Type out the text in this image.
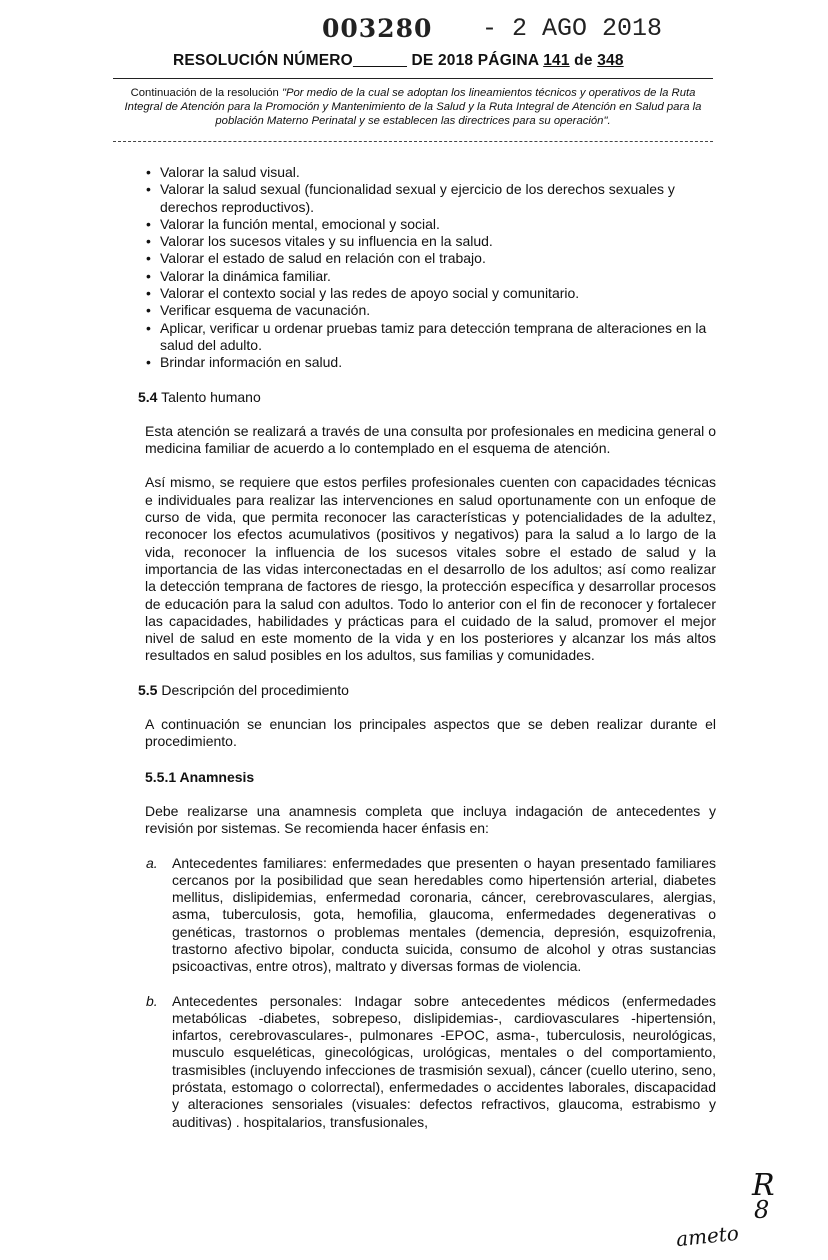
003280 - 2 AGO 2018
RESOLUCIÓN NÚMERO	DE 2018 PÁGINA 141 de 348
Continuación de la resolución "Por medio de la cual se adoptan los lineamientos técnicos y operativos de la Ruta Integral de Atención para la Promoción y Mantenimiento de la Salud y la Ruta Integral de Atención en Salud para la población Materno Perinatal y se establecen las directrices para su operación".
• Valorar la salud visual.
• Valorar la salud sexual (funcionalidad sexual y ejercicio de los derechos sexuales y derechos reproductivos).
• Valorar la función mental, emocional y social.
• Valorar los sucesos vitales y su influencia en la salud.
• Valorar el estado de salud en relación con el trabajo.
• Valorar la dinámica familiar.
• Valorar el contexto social y las redes de apoyo social y comunitario.
• Verificar esquema de vacunación.
• Aplicar, verificar u ordenar pruebas tamiz para detección temprana de alteraciones en la salud del adulto.
• Brindar información en salud.
5.4 Talento humano

Esta atención se realizará a través de una consulta por profesionales en medicina general o medicina familiar de acuerdo a lo contemplado en el esquema de atención.

Así mismo, se requiere que estos perfiles profesionales cuenten con capacidades técnicas e individuales para realizar las intervenciones en salud oportunamente con un enfoque de curso de vida, que permita reconocer las características y potencialidades de la adultez, reconocer los efectos acumulativos (positivos y negativos) para la salud a lo largo de la vida, reconocer la influencia de los sucesos vitales sobre el estado de salud y la importancia de las vidas interconectadas en el desarrollo de los adultos; así como realizar la detección temprana de factores de riesgo, la protección específica y desarrollar procesos de educación para la salud con adultos. Todo lo anterior con el fin de reconocer y fortalecer las capacidades, habilidades y prácticas para el cuidado de la salud, promover el mejor nivel de salud en este momento de la vida y en los posteriores y alcanzar los más altos resultados en salud posibles en los adultos, sus familias y comunidades.

5.5 Descripción del procedimiento

A continuación se enuncian los principales aspectos que se deben realizar durante el procedimiento.

5.5.1 Anamnesis

Debe realizarse una anamnesis completa que incluya indagación de antecedentes y revisión por sistemas. Se recomienda hacer énfasis en:

a. Antecedentes familiares: enfermedades que presenten o hayan presentado familiares cercanos por la posibilidad que sean heredables como hipertensión arterial, diabetes mellitus, dislipidemias, enfermedad coronaria, cáncer, cerebrovasculares, alergias, asma, tuberculosis, gota, hemofilia, glaucoma, enfermedades degenerativas o genéticas, trastornos o problemas mentales (demencia, depresión, esquizofrenia, trastorno afectivo bipolar, conducta suicida, consumo de alcohol y otras sustancias psicoactivas, entre otros), maltrato y diversas formas de violencia.
b. Antecedentes personales: Indagar sobre antecedentes médicos (enfermedades metabólicas -diabetes, sobrepeso, dislipidemias-, cardiovasculares -hipertensión, infartos, cerebrovasculares-, pulmonares -EPOC, asma-, tuberculosis, neurológicas, musculo esqueléticas, ginecológicas, urológicas, mentales o del comportamiento, trasmisibles (incluyendo infecciones de trasmisión sexual), cáncer (cuello uterino, seno, próstata, estomago o colorrectal), enfermedades o accidentes laborales, discapacidad y alteraciones sensoriales (visuales: defectos refractivos, glaucoma, estrabismo y auditivas) . hospitalarios, transfusionales,
R
8
ameto
